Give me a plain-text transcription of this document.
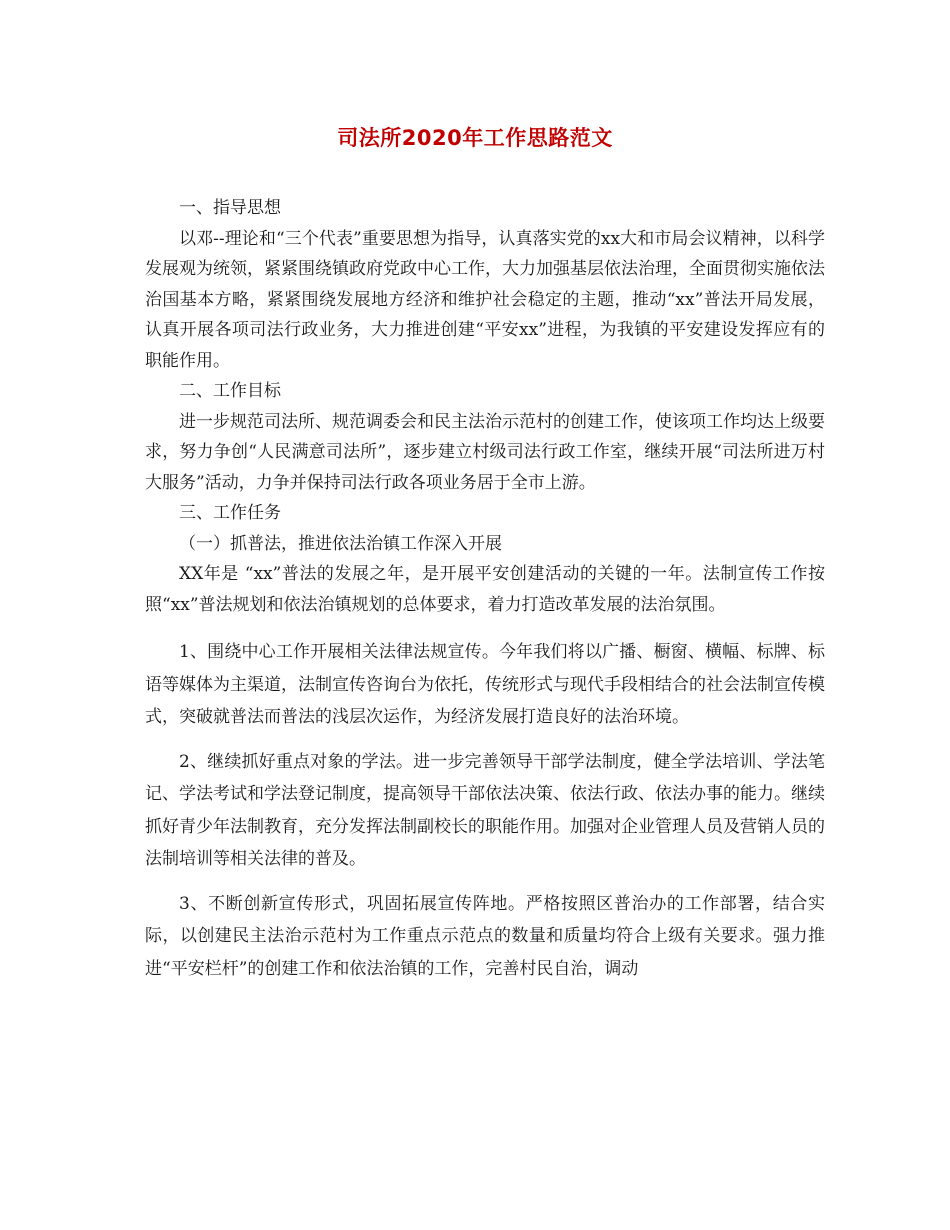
司法所2020年工作思路范文

一、指导思想

以邓--理论和“三个代表”重要思想为指导，认真落实党的xx大和市局会议精神，以科学发展观为统领，紧紧围绕镇政府党政中心工作，大力加强基层依法治理，全面贯彻实施依法治国基本方略，紧紧围绕发展地方经济和维护社会稳定的主题，推动“xx”普法开局发展，认真开展各项司法行政业务，大力推进创建“平安xx”进程，为我镇的平安建设发挥应有的职能作用。

二、工作目标

进一步规范司法所、规范调委会和民主法治示范村的创建工作，使该项工作均达上级要求，努力争创“人民满意司法所”，逐步建立村级司法行政工作室，继续开展“司法所进万村大服务”活动，力争并保持司法行政各项业务居于全市上游。

三、工作任务

（一）抓普法，推进依法治镇工作深入开展

XX年是 “xx”普法的发展之年，是开展平安创建活动的关键的一年。法制宣传工作按照“xx”普法规划和依法治镇规划的总体要求，着力打造改革发展的法治氛围。

1、围绕中心工作开展相关法律法规宣传。今年我们将以广播、橱窗、横幅、标牌、标语等媒体为主渠道，法制宣传咨询台为依托，传统形式与现代手段相结合的社会法制宣传模式，突破就普法而普法的浅层次运作，为经济发展打造良好的法治环境。

2、继续抓好重点对象的学法。进一步完善领导干部学法制度，健全学法培训、学法笔记、学法考试和学法登记制度，提高领导干部依法决策、依法行政、依法办事的能力。继续抓好青少年法制教育，充分发挥法制副校长的职能作用。加强对企业管理人员及营销人员的法制培训等相关法律的普及。

3、不断创新宣传形式，巩固拓展宣传阵地。严格按照区普治办的工作部署，结合实际，以创建民主法治示范村为工作重点示范点的数量和质量均符合上级有关要求。强力推进“平安栏杆”的创建工作和依法治镇的工作，完善村民自治，调动
